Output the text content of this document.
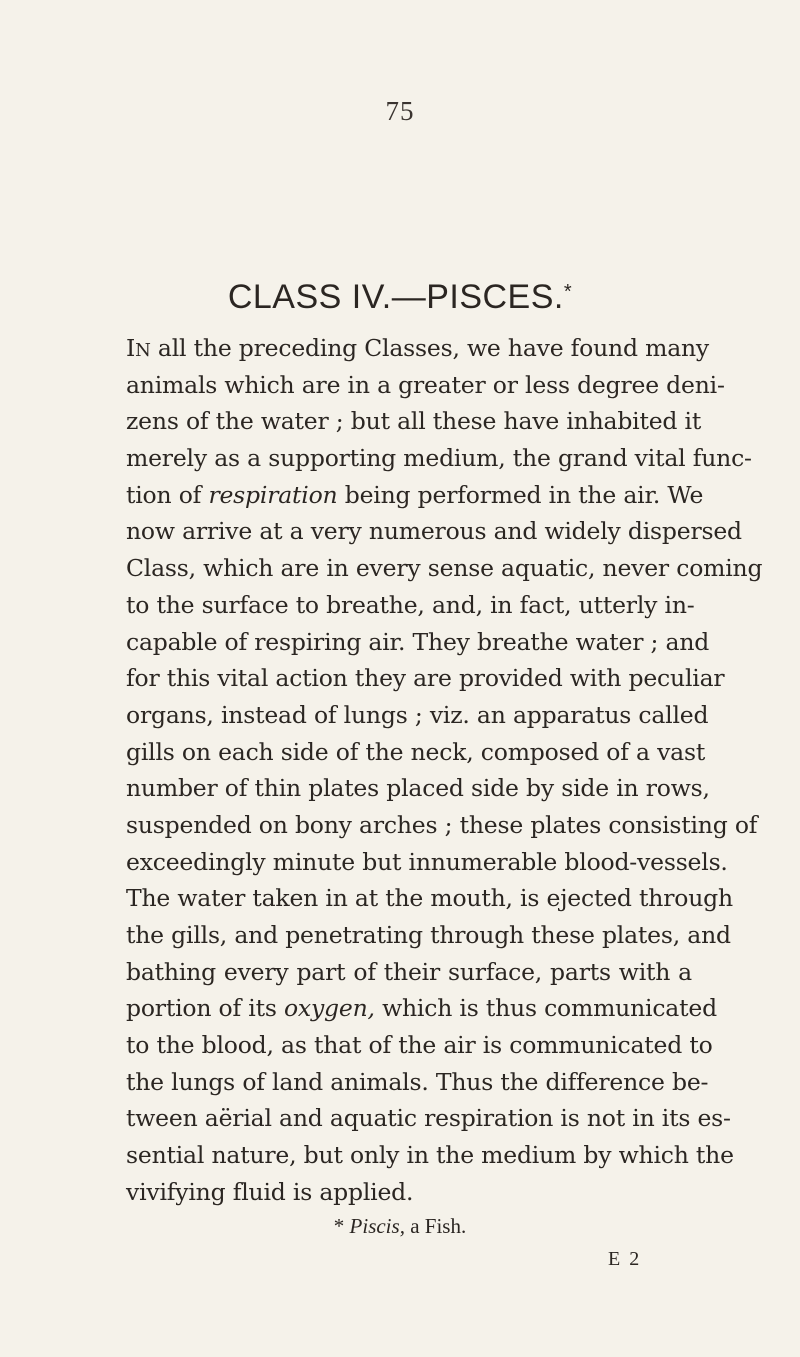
75
CLASS IV.—PISCES.*
IN all the preceding Classes, we have found many
animals which are in a greater or less degree deni-
zens of the water ; but all these have inhabited it
merely as a supporting medium, the grand vital func-
tion of respiration being performed in the air. We
now arrive at a very numerous and widely dispersed
Class, which are in every sense aquatic, never coming
to the surface to breathe, and, in fact, utterly in-
capable of respiring air. They breathe water ; and
for this vital action they are provided with peculiar
organs, instead of lungs ; viz. an apparatus called
gills on each side of the neck, composed of a vast
number of thin plates placed side by side in rows,
suspended on bony arches ; these plates consisting of
exceedingly minute but innumerable blood-vessels.
The water taken in at the mouth, is ejected through
the gills, and penetrating through these plates, and
bathing every part of their surface, parts with a
portion of its oxygen, which is thus communicated
to the blood, as that of the air is communicated to
the lungs of land animals. Thus the difference be-
tween aërial and aquatic respiration is not in its es-
sential nature, but only in the medium by which the
vivifying fluid is applied.
* Piscis, a Fish.
E 2
